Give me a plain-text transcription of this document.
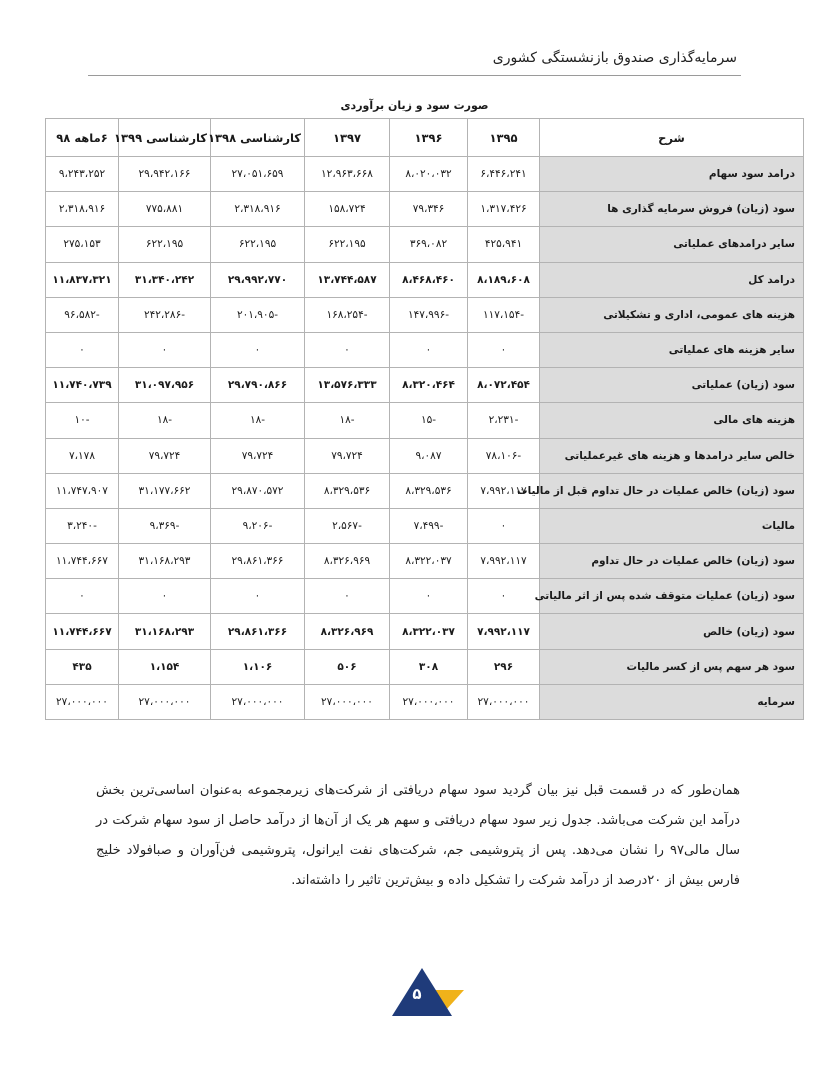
سرمایه‌گذاری صندوق بازنشستگی کشوری
صورت سود و زیان برآوردی
شرح	۱۳۹۵	۱۳۹۶	۱۳۹۷	کارشناسی ۱۳۹۸	کارشناسی ۱۳۹۹	۶ماهه ۹۸
درامد سود سهام	۶،۴۴۶،۲۴۱	۸،۰۲۰،۰۳۲	۱۲،۹۶۳،۶۶۸	۲۷،۰۵۱،۶۵۹	۲۹،۹۴۲،۱۶۶	۹،۲۴۳،۲۵۲
سود (زیان) فروش سرمایه گذاری ها	۱،۳۱۷،۴۲۶	۷۹،۳۴۶	۱۵۸،۷۲۴	۲،۳۱۸،۹۱۶	۷۷۵،۸۸۱	۲،۳۱۸،۹۱۶
سایر درامدهای عملیاتی	۴۲۵،۹۴۱	۳۶۹،۰۸۲	۶۲۲،۱۹۵	۶۲۲،۱۹۵	۶۲۲،۱۹۵	۲۷۵،۱۵۳
درامد کل	۸،۱۸۹،۶۰۸	۸،۴۶۸،۴۶۰	۱۳،۷۴۴،۵۸۷	۲۹،۹۹۲،۷۷۰	۳۱،۳۴۰،۲۴۲	۱۱،۸۳۷،۳۲۱
هزینه های عمومی، اداری و تشکیلاتی	-۱۱۷،۱۵۴	-۱۴۷،۹۹۶	-۱۶۸،۲۵۴	-۲۰۱،۹۰۵	-۲۴۲،۲۸۶	-۹۶،۵۸۲
سایر هزینه های عملیاتی	۰	۰	۰	۰	۰	۰
سود (زیان) عملیاتی	۸،۰۷۲،۴۵۴	۸،۳۲۰،۴۶۴	۱۳،۵۷۶،۳۳۳	۲۹،۷۹۰،۸۶۶	۳۱،۰۹۷،۹۵۶	۱۱،۷۴۰،۷۳۹
هزینه های مالی	-۲،۲۳۱	-۱۵	-۱۸	-۱۸	-۱۸	-۱۰
خالص سایر درامدها و هزینه های غیرعملیاتی	-۷۸،۱۰۶	۹،۰۸۷	۷۹،۷۲۴	۷۹،۷۲۴	۷۹،۷۲۴	۷،۱۷۸
سود (زیان) خالص عملیات در حال تداوم قبل از مالیات	۷،۹۹۲،۱۱۷	۸،۳۲۹،۵۳۶	۸،۳۲۹،۵۳۶	۲۹،۸۷۰،۵۷۲	۳۱،۱۷۷،۶۶۲	۱۱،۷۴۷،۹۰۷
مالیات	۰	-۷،۴۹۹	-۲،۵۶۷	-۹،۲۰۶	-۹،۳۶۹	-۳،۲۴۰
سود (زیان) خالص عملیات در حال تداوم	۷،۹۹۲،۱۱۷	۸،۳۲۲،۰۳۷	۸،۳۲۶،۹۶۹	۲۹،۸۶۱،۳۶۶	۳۱،۱۶۸،۲۹۳	۱۱،۷۴۴،۶۶۷
سود (زیان) عملیات متوقف شده پس از اثر مالیاتی	۰	۰	۰	۰	۰	۰
سود (زیان) خالص	۷،۹۹۲،۱۱۷	۸،۳۲۲،۰۳۷	۸،۳۲۶،۹۶۹	۲۹،۸۶۱،۳۶۶	۳۱،۱۶۸،۲۹۳	۱۱،۷۴۴،۶۶۷
سود هر سهم پس از کسر مالیات	۲۹۶	۳۰۸	۵۰۶	۱،۱۰۶	۱،۱۵۴	۴۳۵
سرمایه	۲۷،۰۰۰،۰۰۰	۲۷،۰۰۰،۰۰۰	۲۷،۰۰۰،۰۰۰	۲۷،۰۰۰،۰۰۰	۲۷،۰۰۰،۰۰۰	۲۷،۰۰۰،۰۰۰
همان‌طور که در قسمت قبل نیز بیان گردید سود سهام دریافتی از شرکت‌های زیرمجموعه به‌عنوان اساسی‌ترین بخش درآمد این شرکت می‌باشد. جدول زیر سود سهام دریافتی و سهم هر یک از آن‌ها از درآمد حاصل از سود سهام شرکت در سال مالی۹۷ را نشان می‌دهد. پس از پتروشیمی جم، شرکت‌های نفت ایرانول، پتروشیمی فن‌آوران و صبافولاد خلیج فارس بیش از ۲۰درصد از درآمد شرکت را تشکیل داده و بیش‌ترین تاثیر را داشته‌اند.
۵
